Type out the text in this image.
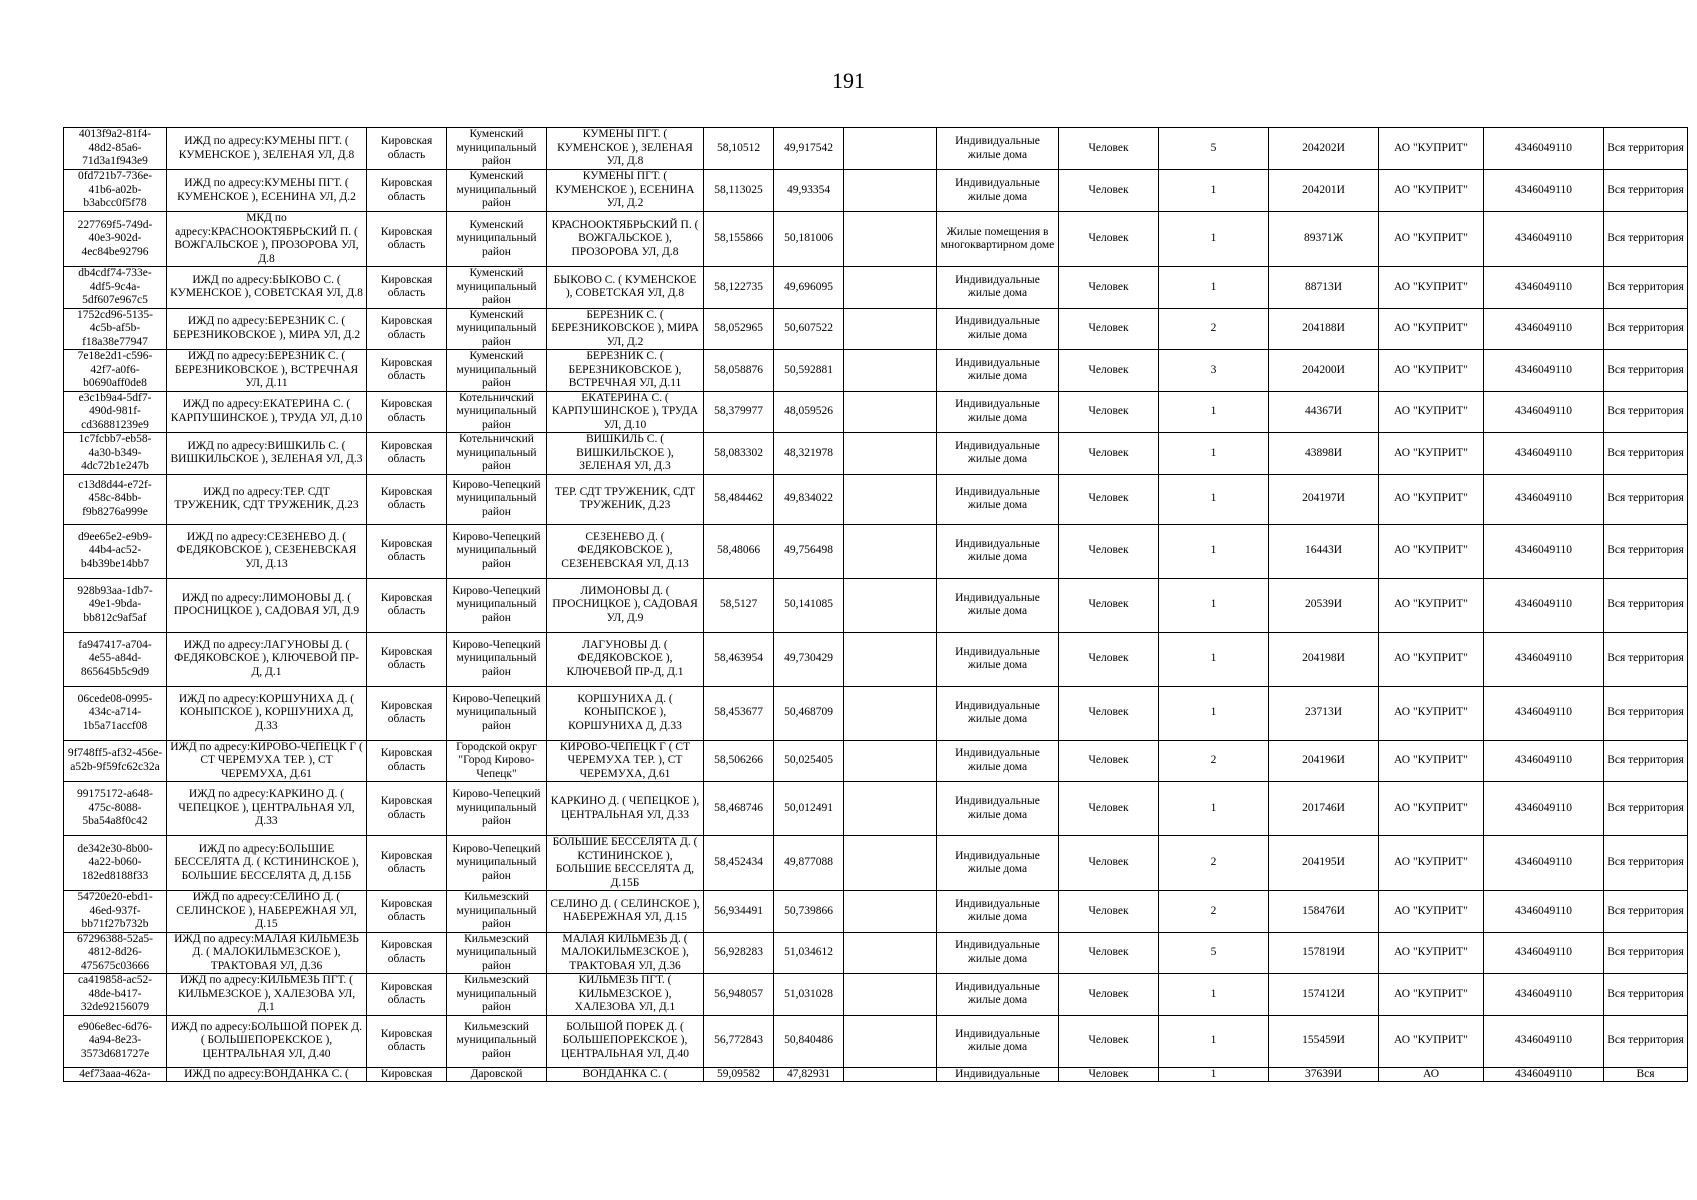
191
4013f9a2-81f4-48d2-85a6-71d3a1f943e9	ИЖД по адресу:КУМЕНЫ ПГТ. ( КУМЕНСКОЕ ), ЗЕЛЕНАЯ УЛ, Д.8	Кировская область	Куменский муниципальный район	КУМЕНЫ ПГТ. ( КУМЕНСКОЕ ), ЗЕЛЕНАЯ УЛ, Д.8	58,10512	49,917542		Индивидуальные жилые дома	Человек	5	204202И	АО "КУПРИТ"	4346049110	Вся территория
0fd721b7-736e-41b6-a02b-b3abcc0f5f78	ИЖД по адресу:КУМЕНЫ ПГТ. ( КУМЕНСКОЕ ), ЕСЕНИНА УЛ, Д.2	Кировская область	Куменский муниципальный район	КУМЕНЫ ПГТ. ( КУМЕНСКОЕ ), ЕСЕНИНА УЛ, Д.2	58,113025	49,93354		Индивидуальные жилые дома	Человек	1	204201И	АО "КУПРИТ"	4346049110	Вся территория
227769f5-749d-40e3-902d-4ec84be92796	МКД по адресу:КРАСНООКТЯБРЬСКИЙ П. ( ВОЖГАЛЬСКОЕ ), ПРОЗОРОВА УЛ, Д.8	Кировская область	Куменский муниципальный район	КРАСНООКТЯБРЬСКИЙ П. ( ВОЖГАЛЬСКОЕ ), ПРОЗОРОВА УЛ, Д.8	58,155866	50,181006		Жилые помещения в многоквартирном доме	Человек	1	89371Ж	АО "КУПРИТ"	4346049110	Вся территория
db4cdf74-733e-4df5-9c4a-5df607e967c5	ИЖД по адресу:БЫКОВО С. ( КУМЕНСКОЕ ), СОВЕТСКАЯ УЛ, Д.8	Кировская область	Куменский муниципальный район	БЫКОВО С. ( КУМЕНСКОЕ ), СОВЕТСКАЯ УЛ, Д.8	58,122735	49,696095		Индивидуальные жилые дома	Человек	1	88713И	АО "КУПРИТ"	4346049110	Вся территория
1752cd96-5135-4c5b-af5b-f18a38e77947	ИЖД по адресу:БЕРЕЗНИК С. ( БЕРЕЗНИКОВСКОЕ ), МИРА УЛ, Д.2	Кировская область	Куменский муниципальный район	БЕРЕЗНИК С. ( БЕРЕЗНИКОВСКОЕ ), МИРА УЛ, Д.2	58,052965	50,607522		Индивидуальные жилые дома	Человек	2	204188И	АО "КУПРИТ"	4346049110	Вся территория
7e18e2d1-c596-42f7-a0f6-b0690aff0de8	ИЖД по адресу:БЕРЕЗНИК С. ( БЕРЕЗНИКОВСКОЕ ), ВСТРЕЧНАЯ УЛ, Д.11	Кировская область	Куменский муниципальный район	БЕРЕЗНИК С. ( БЕРЕЗНИКОВСКОЕ ), ВСТРЕЧНАЯ УЛ, Д.11	58,058876	50,592881		Индивидуальные жилые дома	Человек	3	204200И	АО "КУПРИТ"	4346049110	Вся территория
e3c1b9a4-5df7-490d-981f-cd36881239e9	ИЖД по адресу:ЕКАТЕРИНА С. ( КАРПУШИНСКОЕ ), ТРУДА УЛ, Д.10	Кировская область	Котельничский муниципальный район	ЕКАТЕРИНА С. ( КАРПУШИНСКОЕ ), ТРУДА УЛ, Д.10	58,379977	48,059526		Индивидуальные жилые дома	Человек	1	44367И	АО "КУПРИТ"	4346049110	Вся территория
1c7fcbb7-eb58-4a30-b349-4dc72b1e247b	ИЖД по адресу:ВИШКИЛЬ С. ( ВИШКИЛЬСКОЕ ), ЗЕЛЕНАЯ УЛ, Д.3	Кировская область	Котельничский муниципальный район	ВИШКИЛЬ С. ( ВИШКИЛЬСКОЕ ), ЗЕЛЕНАЯ УЛ, Д.3	58,083302	48,321978		Индивидуальные жилые дома	Человек	1	43898И	АО "КУПРИТ"	4346049110	Вся территория
c13d8d44-e72f-458c-84bb-f9b8276a999e	ИЖД по адресу:ТЕР. СДТ ТРУЖЕНИК, СДТ ТРУЖЕНИК, Д.23	Кировская область	Кирово-Чепецкий муниципальный район	ТЕР. СДТ ТРУЖЕНИК, СДТ ТРУЖЕНИК, Д.23	58,484462	49,834022		Индивидуальные жилые дома	Человек	1	204197И	АО "КУПРИТ"	4346049110	Вся территория
d9ee65e2-e9b9-44b4-ac52-b4b39be14bb7	ИЖД по адресу:СЕЗЕНЕВО Д. ( ФЕДЯКОВСКОЕ ), СЕЗЕНЕВСКАЯ УЛ, Д.13	Кировская область	Кирово-Чепецкий муниципальный район	СЕЗЕНЕВО Д. ( ФЕДЯКОВСКОЕ ), СЕЗЕНЕВСКАЯ УЛ, Д.13	58,48066	49,756498		Индивидуальные жилые дома	Человек	1	16443И	АО "КУПРИТ"	4346049110	Вся территория
928b93aa-1db7-49e1-9bda-bb812c9af5af	ИЖД по адресу:ЛИМОНОВЫ Д. ( ПРОСНИЦКОЕ ), САДОВАЯ УЛ, Д.9	Кировская область	Кирово-Чепецкий муниципальный район	ЛИМОНОВЫ Д. ( ПРОСНИЦКОЕ ), САДОВАЯ УЛ, Д.9	58,5127	50,141085		Индивидуальные жилые дома	Человек	1	20539И	АО "КУПРИТ"	4346049110	Вся территория
fa947417-a704-4e55-a84d-865645b5c9d9	ИЖД по адресу:ЛАГУНОВЫ Д. ( ФЕДЯКОВСКОЕ ), КЛЮЧЕВОЙ ПР-Д, Д.1	Кировская область	Кирово-Чепецкий муниципальный район	ЛАГУНОВЫ Д. ( ФЕДЯКОВСКОЕ ), КЛЮЧЕВОЙ ПР-Д, Д.1	58,463954	49,730429		Индивидуальные жилые дома	Человек	1	204198И	АО "КУПРИТ"	4346049110	Вся территория
06cede08-0995-434c-a714-1b5a71accf08	ИЖД по адресу:КОРШУНИХА Д. ( КОНЫПСКОЕ ), КОРШУНИХА Д, Д.33	Кировская область	Кирово-Чепецкий муниципальный район	КОРШУНИХА Д. ( КОНЫПСКОЕ ), КОРШУНИХА Д, Д.33	58,453677	50,468709		Индивидуальные жилые дома	Человек	1	23713И	АО "КУПРИТ"	4346049110	Вся территория
9f748ff5-af32-456e-a52b-9f59fc62c32a	ИЖД по адресу:КИРОВО-ЧЕПЕЦК Г ( СТ ЧЕРЕМУХА ТЕР. ), СТ ЧЕРЕМУХА, Д.61	Кировская область	Городской округ "Город Кирово-Чепецк"	КИРОВО-ЧЕПЕЦК Г ( СТ ЧЕРЕМУХА ТЕР. ), СТ ЧЕРЕМУХА, Д.61	58,506266	50,025405		Индивидуальные жилые дома	Человек	2	204196И	АО "КУПРИТ"	4346049110	Вся территория
99175172-a648-475c-8088-5ba54a8f0c42	ИЖД по адресу:КАРКИНО Д. ( ЧЕПЕЦКОЕ ), ЦЕНТРАЛЬНАЯ УЛ, Д.33	Кировская область	Кирово-Чепецкий муниципальный район	КАРКИНО Д. ( ЧЕПЕЦКОЕ ), ЦЕНТРАЛЬНАЯ УЛ, Д.33	58,468746	50,012491		Индивидуальные жилые дома	Человек	1	201746И	АО "КУПРИТ"	4346049110	Вся территория
de342e30-8b00-4a22-b060-182ed8188f33	ИЖД по адресу:БОЛЬШИЕ БЕССЕЛЯТА Д. ( КСТИНИНСКОЕ ), БОЛЬШИЕ БЕССЕЛЯТА Д, Д.15Б	Кировская область	Кирово-Чепецкий муниципальный район	БОЛЬШИЕ БЕССЕЛЯТА Д. ( КСТИНИНСКОЕ ), БОЛЬШИЕ БЕССЕЛЯТА Д, Д.15Б	58,452434	49,877088		Индивидуальные жилые дома	Человек	2	204195И	АО "КУПРИТ"	4346049110	Вся территория
54720e20-ebd1-46ed-937f-bb71f27b732b	ИЖД по адресу:СЕЛИНО Д. ( СЕЛИНСКОЕ ), НАБЕРЕЖНАЯ УЛ, Д.15	Кировская область	Кильмезский муниципальный район	СЕЛИНО Д. ( СЕЛИНСКОЕ ), НАБЕРЕЖНАЯ УЛ, Д.15	56,934491	50,739866		Индивидуальные жилые дома	Человек	2	158476И	АО "КУПРИТ"	4346049110	Вся территория
67296388-52a5-4812-8d26-475675c03666	ИЖД по адресу:МАЛАЯ КИЛЬМЕЗЬ Д. ( МАЛОКИЛЬМЕЗСКОЕ ), ТРАКТОВАЯ УЛ, Д.36	Кировская область	Кильмезский муниципальный район	МАЛАЯ КИЛЬМЕЗЬ Д. ( МАЛОКИЛЬМЕЗСКОЕ ), ТРАКТОВАЯ УЛ, Д.36	56,928283	51,034612		Индивидуальные жилые дома	Человек	5	157819И	АО "КУПРИТ"	4346049110	Вся территория
ca419858-ac52-48de-b417-32de92156079	ИЖД по адресу:КИЛЬМЕЗЬ ПГТ. ( КИЛЬМЕЗСКОЕ ), ХАЛЕЗОВА УЛ, Д.1	Кировская область	Кильмезский муниципальный район	КИЛЬМЕЗЬ ПГТ. ( КИЛЬМЕЗСКОЕ ), ХАЛЕЗОВА УЛ, Д.1	56,948057	51,031028		Индивидуальные жилые дома	Человек	1	157412И	АО "КУПРИТ"	4346049110	Вся территория
e906e8ec-6d76-4a94-8e23-3573d681727e	ИЖД по адресу:БОЛЬШОЙ ПОРЕК Д. ( БОЛЬШЕПОРЕКСКОЕ ), ЦЕНТРАЛЬНАЯ УЛ, Д.40	Кировская область	Кильмезский муниципальный район	БОЛЬШОЙ ПОРЕК Д. ( БОЛЬШЕПОРЕКСКОЕ ), ЦЕНТРАЛЬНАЯ УЛ, Д.40	56,772843	50,840486		Индивидуальные жилые дома	Человек	1	155459И	АО "КУПРИТ"	4346049110	Вся территория
4ef73aaa-462a-	ИЖД по адресу:ВОНДАНКА С. (	Кировская	Даровской	ВОНДАНКА С. (	59,09582	47,82931		Индивидуальные	Человек	1	37639И	АО	4346049110	Вся
